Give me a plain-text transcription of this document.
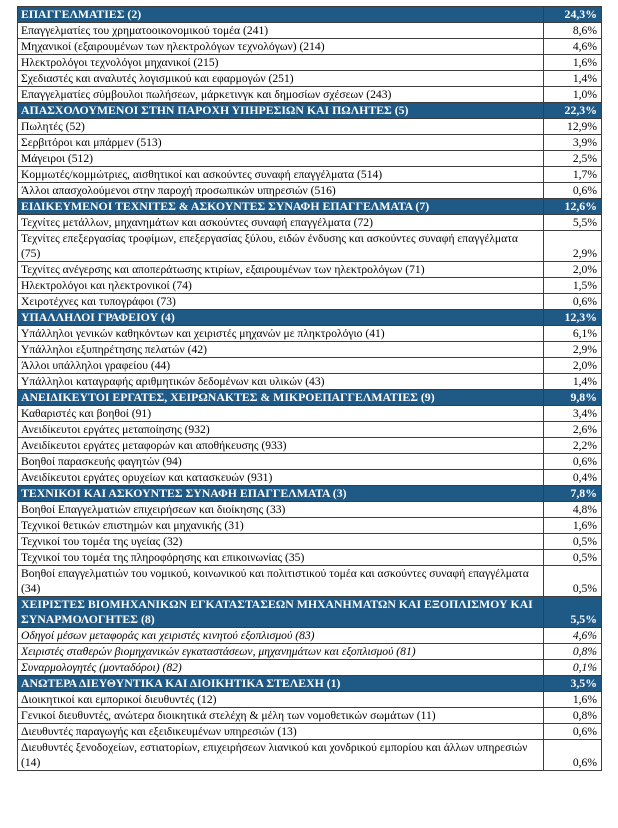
ΕΠΑΓΓΕΛΜΑΤΙΕΣ (2)	24,3%
Επαγγελματίες του χρηματοοικονομικού τομέα (241)	8,6%
Μηχανικοί (εξαιρουμένων των ηλεκτρολόγων τεχνολόγων) (214)	4,6%
Ηλεκτρολόγοι τεχνολόγοι μηχανικοί (215)	1,6%
Σχεδιαστές και αναλυτές λογισμικού και εφαρμογών (251)	1,4%
Επαγγελματίες σύμβουλοι πωλήσεων, μάρκετινγκ και δημοσίων σχέσεων (243)	1,0%
ΑΠΑΣΧΟΛΟΥΜΕΝΟΙ ΣΤΗΝ ΠΑΡΟΧΗ ΥΠΗΡΕΣΙΩΝ ΚΑΙ ΠΩΛΗΤΕΣ (5)	22,3%
Πωλητές (52)	12,9%
Σερβιτόροι και μπάρμεν (513)	3,9%
Μάγειροι (512)	2,5%
Κομμωτές/κομμώτριες, αισθητικοί και ασκούντες συναφή επαγγέλματα (514)	1,7%
Άλλοι απασχολούμενοι στην παροχή προσωπικών υπηρεσιών (516)	0,6%
ΕΙΔΙΚΕΥΜΕΝΟΙ ΤΕΧΝΙΤΕΣ & ΑΣΚΟΥΝΤΕΣ ΣΥΝΑΦΗ ΕΠΑΓΓΕΛΜΑΤΑ (7)	12,6%
Τεχνίτες μετάλλων, μηχανημάτων και ασκούντες συναφή επαγγέλματα (72)	5,5%
Τεχνίτες επεξεργασίας τροφίμων, επεξεργασίας ξύλου, ειδών ένδυσης και ασκούντες συναφή επαγγέλματα (75)	2,9%
Τεχνίτες ανέγερσης και αποπεράτωσης κτιρίων, εξαιρουμένων των ηλεκτρολόγων (71)	2,0%
Ηλεκτρολόγοι και ηλεκτρονικοί (74)	1,5%
Χειροτέχνες και τυπογράφοι (73)	0,6%
ΥΠΑΛΛΗΛΟΙ ΓΡΑΦΕΙΟΥ (4)	12,3%
Υπάλληλοι γενικών καθηκόντων και χειριστές μηχανών με πληκτρολόγιο (41)	6,1%
Υπάλληλοι εξυπηρέτησης πελατών (42)	2,9%
Άλλοι υπάλληλοι γραφείου (44)	2,0%
Υπάλληλοι καταγραφής αριθμητικών δεδομένων και υλικών (43)	1,4%
ΑΝΕΙΔΙΚΕΥΤΟΙ ΕΡΓΑΤΕΣ, ΧΕΙΡΩΝΑΚΤΕΣ & ΜΙΚΡΟΕΠΑΓΓΕΛΜΑΤΙΕΣ (9)	9,8%
Καθαριστές και βοηθοί (91)	3,4%
Ανειδίκευτοι εργάτες μεταποίησης (932)	2,6%
Ανειδίκευτοι εργάτες μεταφορών και αποθήκευσης (933)	2,2%
Βοηθοί παρασκευής φαγητών (94)	0,6%
Ανειδίκευτοι εργάτες ορυχείων και κατασκευών (931)	0,4%
ΤΕΧΝΙΚΟΙ ΚΑΙ ΑΣΚΟΥΝΤΕΣ ΣΥΝΑΦΗ ΕΠΑΓΓΕΛΜΑΤΑ (3)	7,8%
Βοηθοί Επαγγελματιών επιχειρήσεων και διοίκησης (33)	4,8%
Τεχνικοί θετικών επιστημών και μηχανικής (31)	1,6%
Τεχνικοί του τομέα της υγείας (32)	0,5%
Τεχνικοί του τομέα της πληροφόρησης και επικοινωνίας (35)	0,5%
Βοηθοί επαγγελματιών του νομικού, κοινωνικού και πολιτιστικού τομέα και ασκούντες συναφή επαγγέλματα (34)	0,5%
ΧΕΙΡΙΣΤΕΣ ΒΙΟΜΗΧΑΝΙΚΩΝ ΕΓΚΑΤΑΣΤΑΣΕΩΝ ΜΗΧΑΝΗΜΑΤΩΝ ΚΑΙ ΕΞΟΠΛΙΣΜΟΥ ΚΑΙ ΣΥΝΑΡΜΟΛΟΓΗΤΕΣ (8)	5,5%
Οδηγοί μέσων μεταφοράς και χειριστές κινητού εξοπλισμού (83)	4,6%
Χειριστές σταθερών βιομηχανικών εγκαταστάσεων, μηχανημάτων και εξοπλισμού (81)	0,8%
Συναρμολογητές (μονταδόροι) (82)	0,1%
ΑΝΩΤΕΡΑ ΔΙΕΥΘΥΝΤΙΚΑ ΚΑΙ ΔΙΟΙΚΗΤΙΚΑ ΣΤΕΛΕΧΗ (1)	3,5%
Διοικητικοί και εμπορικοί διευθυντές (12)	1,6%
Γενικοί διευθυντές, ανώτερα διοικητικά στελέχη & μέλη των νομοθετικών σωμάτων (11)	0,8%
Διευθυντές παραγωγής και εξειδικευμένων υπηρεσιών (13)	0,6%
Διευθυντές ξενοδοχείων, εστιατορίων, επιχειρήσεων λιανικού και χονδρικού εμπορίου και άλλων υπηρεσιών (14)	0,6%
